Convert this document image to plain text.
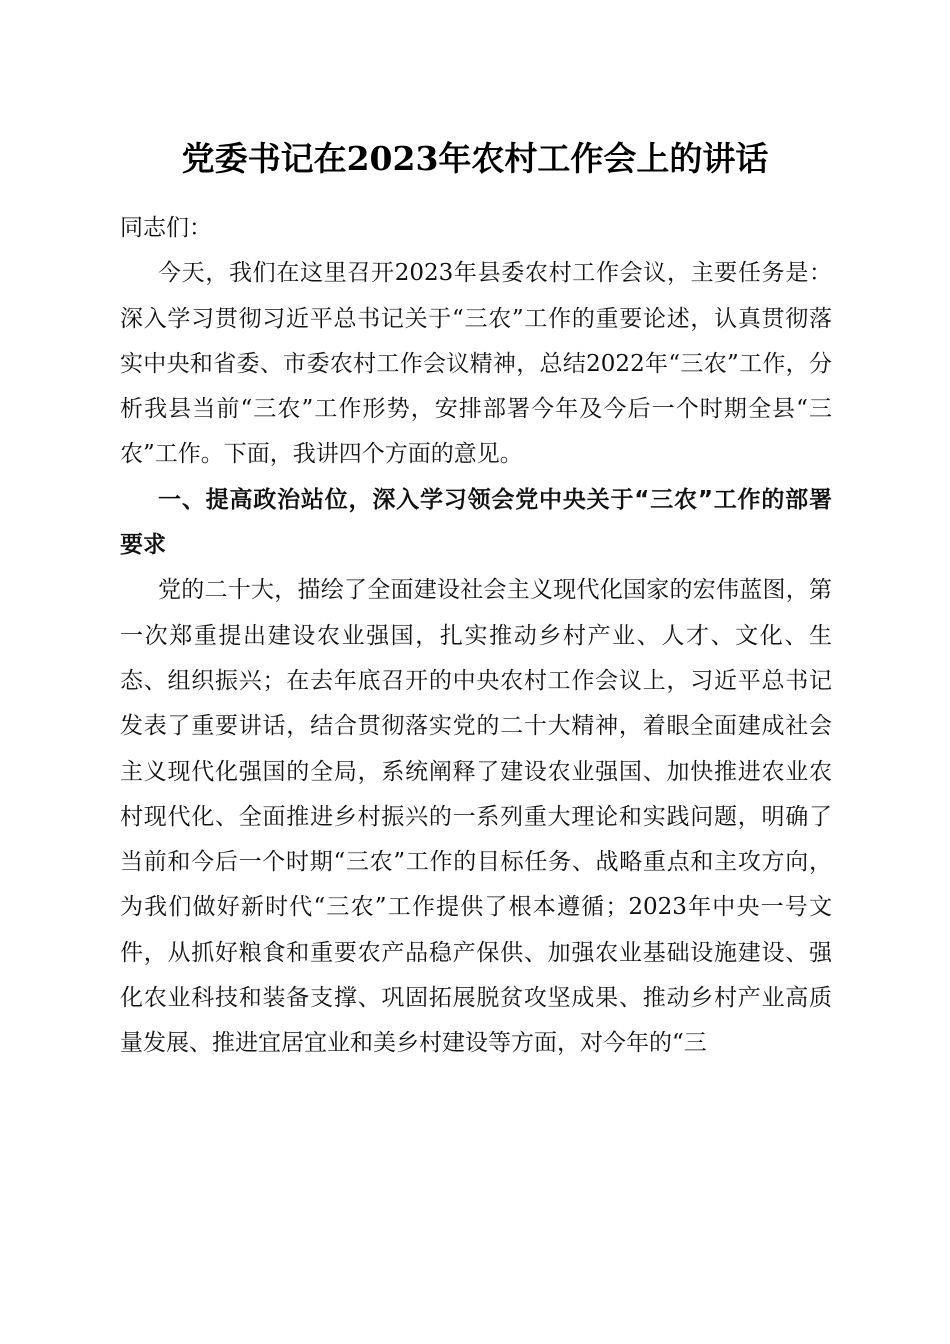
党委书记在2023年农村工作会上的讲话

同志们：

今天，我们在这里召开2023年县委农村工作会议，主要任务是：深入学习贯彻习近平总书记关于“三农”工作的重要论述，认真贯彻落实中央和省委、市委农村工作会议精神，总结2022年“三农”工作，分析我县当前“三农”工作形势，安排部署今年及今后一个时期全县“三农”工作。下面，我讲四个方面的意见。

一、提高政治站位，深入学习领会党中央关于“三农”工作的部署要求

党的二十大，描绘了全面建设社会主义现代化国家的宏伟蓝图，第一次郑重提出建设农业强国，扎实推动乡村产业、人才、文化、生态、组织振兴；在去年底召开的中央农村工作会议上，习近平总书记发表了重要讲话，结合贯彻落实党的二十大精神，着眼全面建成社会主义现代化强国的全局，系统阐释了建设农业强国、加快推进农业农村现代化、全面推进乡村振兴的一系列重大理论和实践问题，明确了当前和今后一个时期“三农”工作的目标任务、战略重点和主攻方向，为我们做好新时代“三农”工作提供了根本遵循；2023年中央一号文件，从抓好粮食和重要农产品稳产保供、加强农业基础设施建设、强化农业科技和装备支撑、巩固拓展脱贫攻坚成果、推动乡村产业高质量发展、推进宜居宜业和美乡村建设等方面，对今年的“三
